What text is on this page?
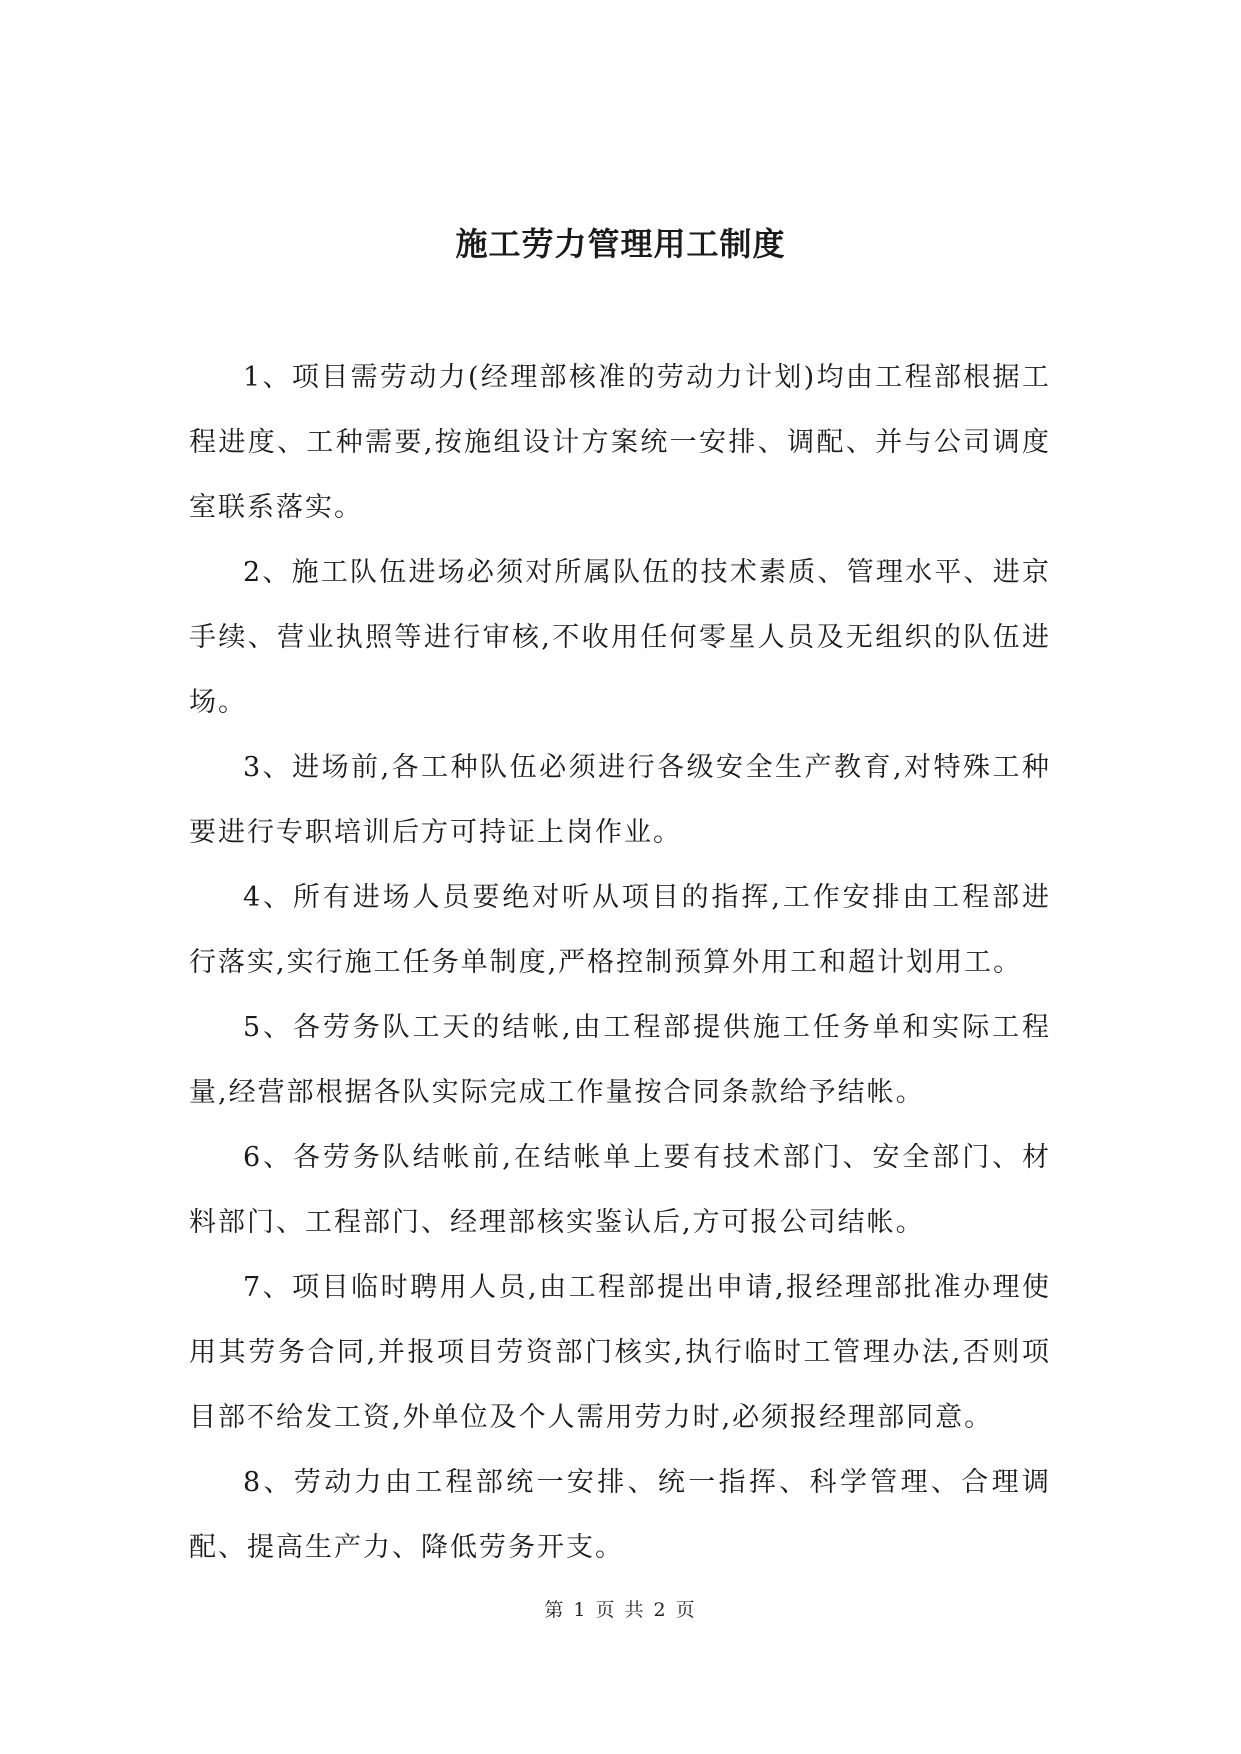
施工劳力管理用工制度

1、项目需劳动力(经理部核准的劳动力计划)均由工程部根据工程进度、工种需要,按施组设计方案统一安排、调配、并与公司调度室联系落实。

2、施工队伍进场必须对所属队伍的技术素质、管理水平、进京手续、营业执照等进行审核,不收用任何零星人员及无组织的队伍进场。

3、进场前,各工种队伍必须进行各级安全生产教育,对特殊工种要进行专职培训后方可持证上岗作业。

4、所有进场人员要绝对听从项目的指挥,工作安排由工程部进行落实,实行施工任务单制度,严格控制预算外用工和超计划用工。

5、各劳务队工天的结帐,由工程部提供施工任务单和实际工程量,经营部根据各队实际完成工作量按合同条款给予结帐。

6、各劳务队结帐前,在结帐单上要有技术部门、安全部门、材料部门、工程部门、经理部核实鉴认后,方可报公司结帐。

7、项目临时聘用人员,由工程部提出申请,报经理部批准办理使用其劳务合同,并报项目劳资部门核实,执行临时工管理办法,否则项目部不给发工资,外单位及个人需用劳力时,必须报经理部同意。

8、劳动力由工程部统一安排、统一指挥、科学管理、合理调配、提高生产力、降低劳务开支。

第 1 页 共 2 页
